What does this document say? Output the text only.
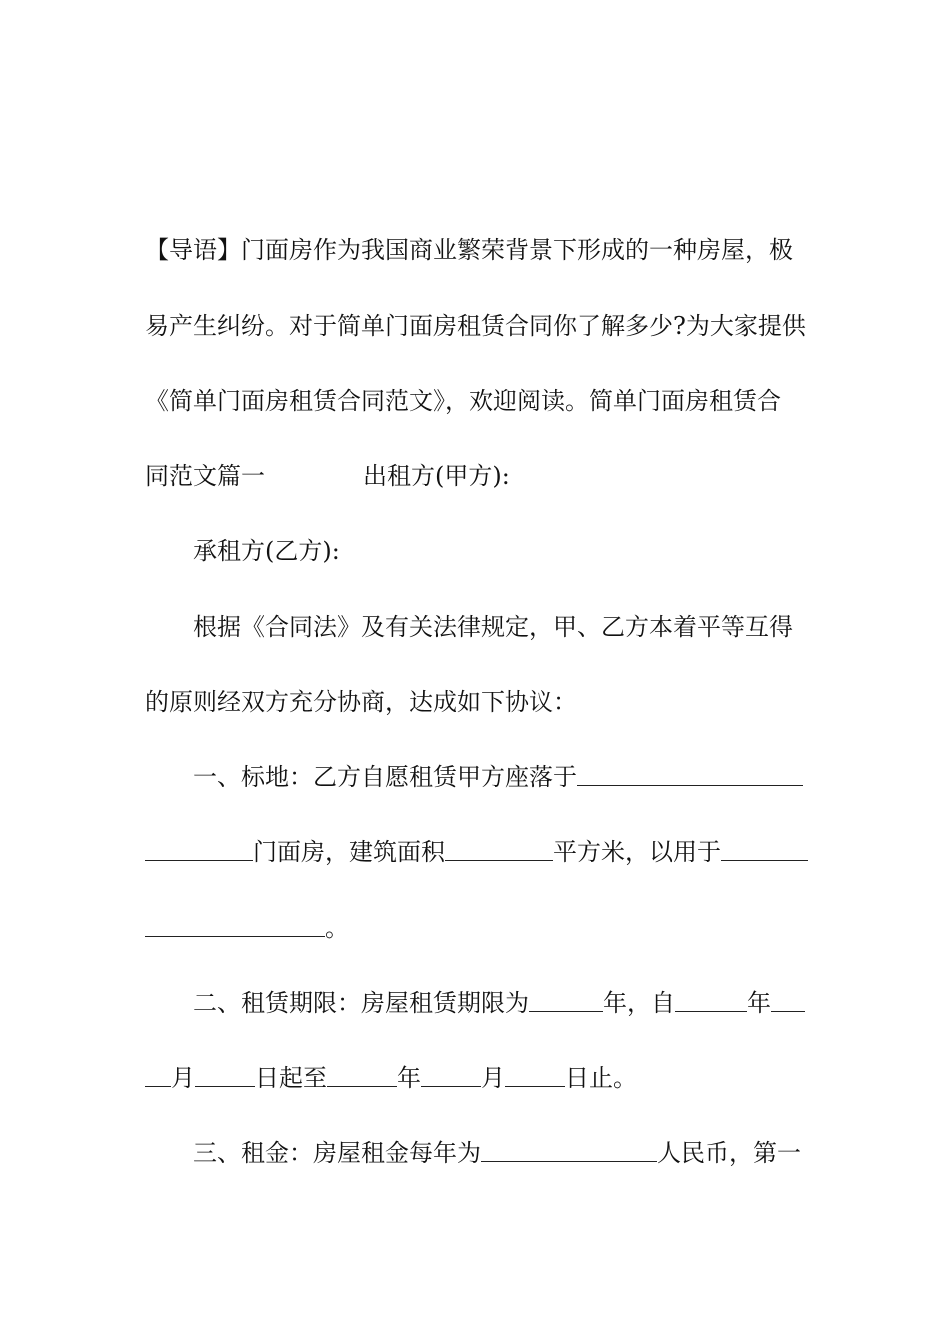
【导语】门面房作为我国商业繁荣背景下形成的一种房屋，极
易产生纠纷。对于简单门面房租赁合同你了解多少?为大家提供
《简单门面房租赁合同范文》，欢迎阅读。简单门面房租赁合
同范文篇一	出租方(甲方):
承租方(乙方):
根据《合同法》及有关法律规定，甲、乙方本着平等互得
的原则经双方充分协商，达成如下协议：
一、标地：乙方自愿租赁甲方座落于
门面房，建筑面积	平方米，以用于
。
二、租赁期限：房屋租赁期限为	年，自	年
月	日起至	年	月	日止。
三、租金：房屋租金每年为	人民币，第一
